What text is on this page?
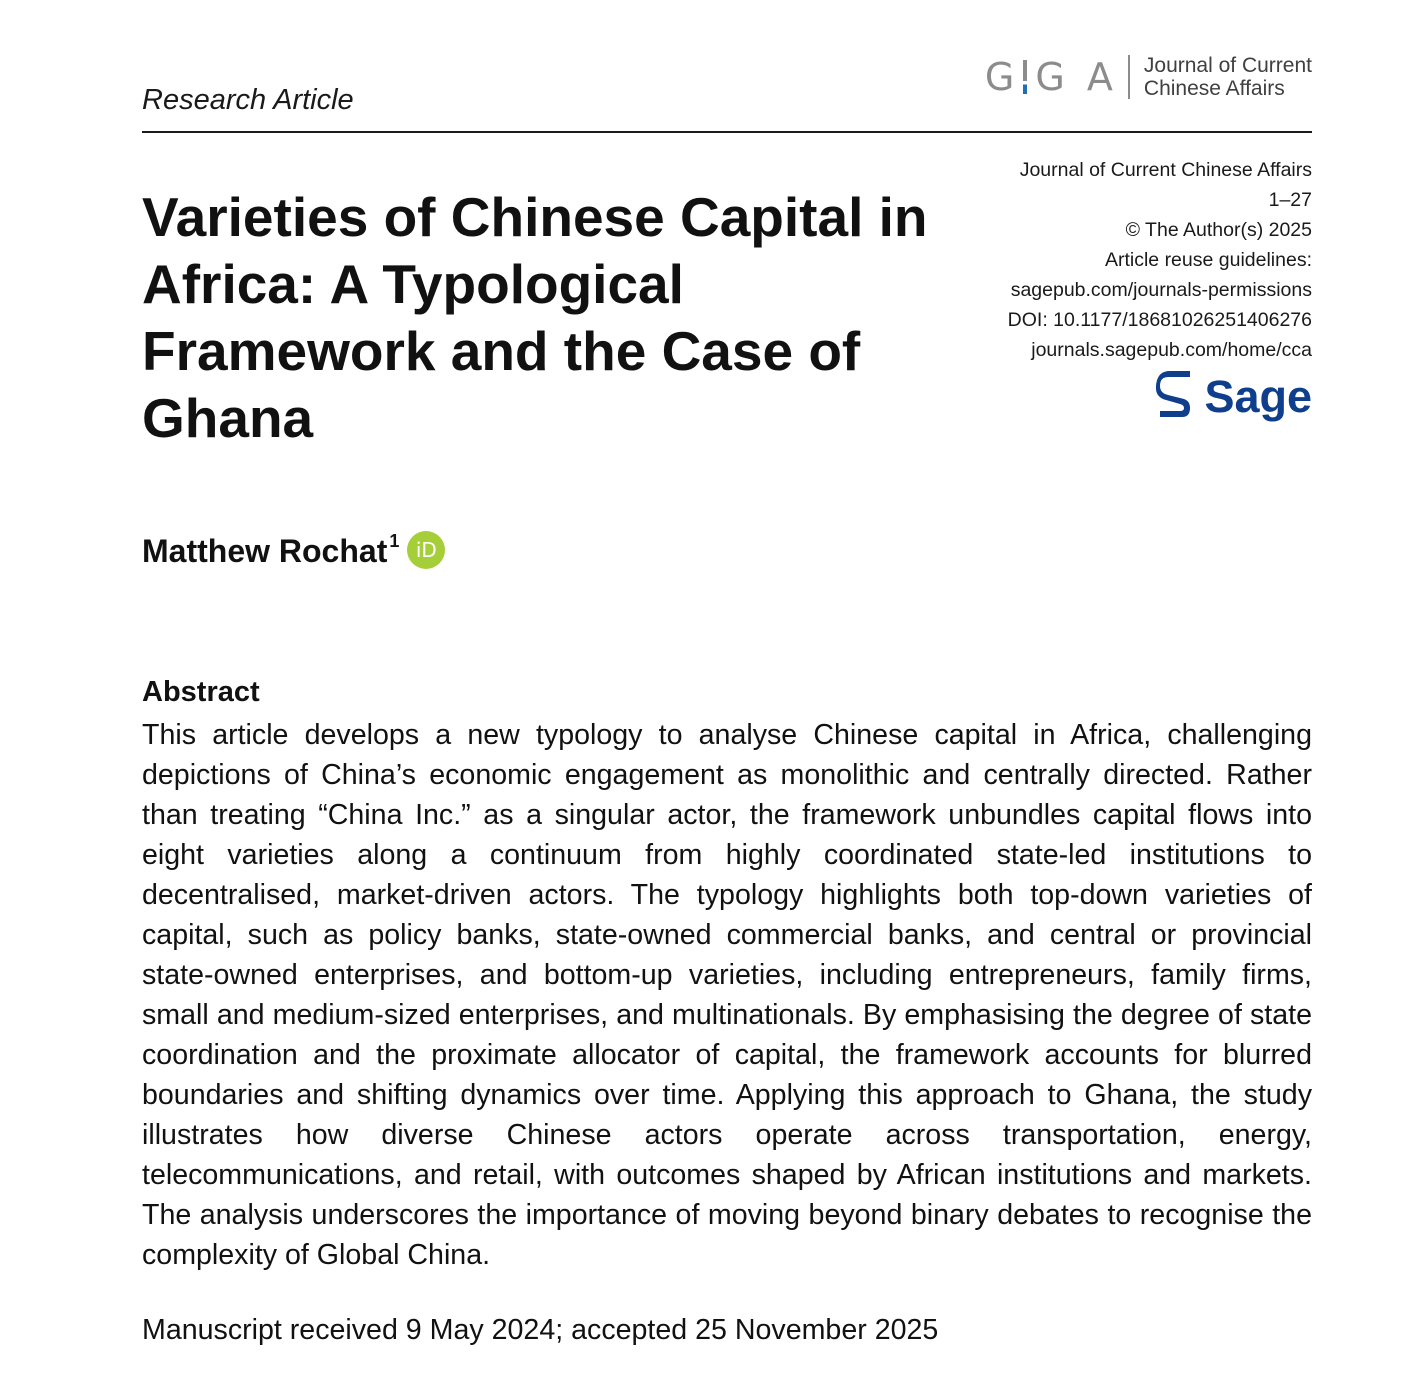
Research Article
G G A Journal of Current
Chinese Affairs
Varieties of Chinese Capital in Africa: A Typological Framework and the Case of Ghana
Journal of Current Chinese Affairs
1–27
© The Author(s) 2025
Article reuse guidelines:
sagepub.com/journals-permissions
DOI: 10.1177/18681026251406276
journals.sagepub.com/home/cca
Sage
Matthew Rochat$^1$ iD
Abstract

This article develops a new typology to analyse Chinese capital in Africa, challenging depictions of China’s economic engagement as monolithic and centrally directed. Rather than treating “China Inc.” as a singular actor, the framework unbundles capital flows into eight varieties along a continuum from highly coordinated state-led institutions to decentralised, market-driven actors. The typology highlights both top-down varieties of capital, such as policy banks, state-owned commercial banks, and central or provincial state-owned enterprises, and bottom-up varieties, including entrepreneurs, family firms, small and medium-sized enterprises, and multinationals. By emphasising the degree of state coordination and the proximate allocator of capital, the framework accounts for blurred boundaries and shifting dynamics over time. Applying this approach to Ghana, the study illustrates how diverse Chinese actors operate across transportation, energy, telecommunications, and retail, with outcomes shaped by African institutions and markets. The analysis underscores the importance of moving beyond binary debates to recognise the complexity of Global China.

Manuscript received 9 May 2024; accepted 25 November 2025
